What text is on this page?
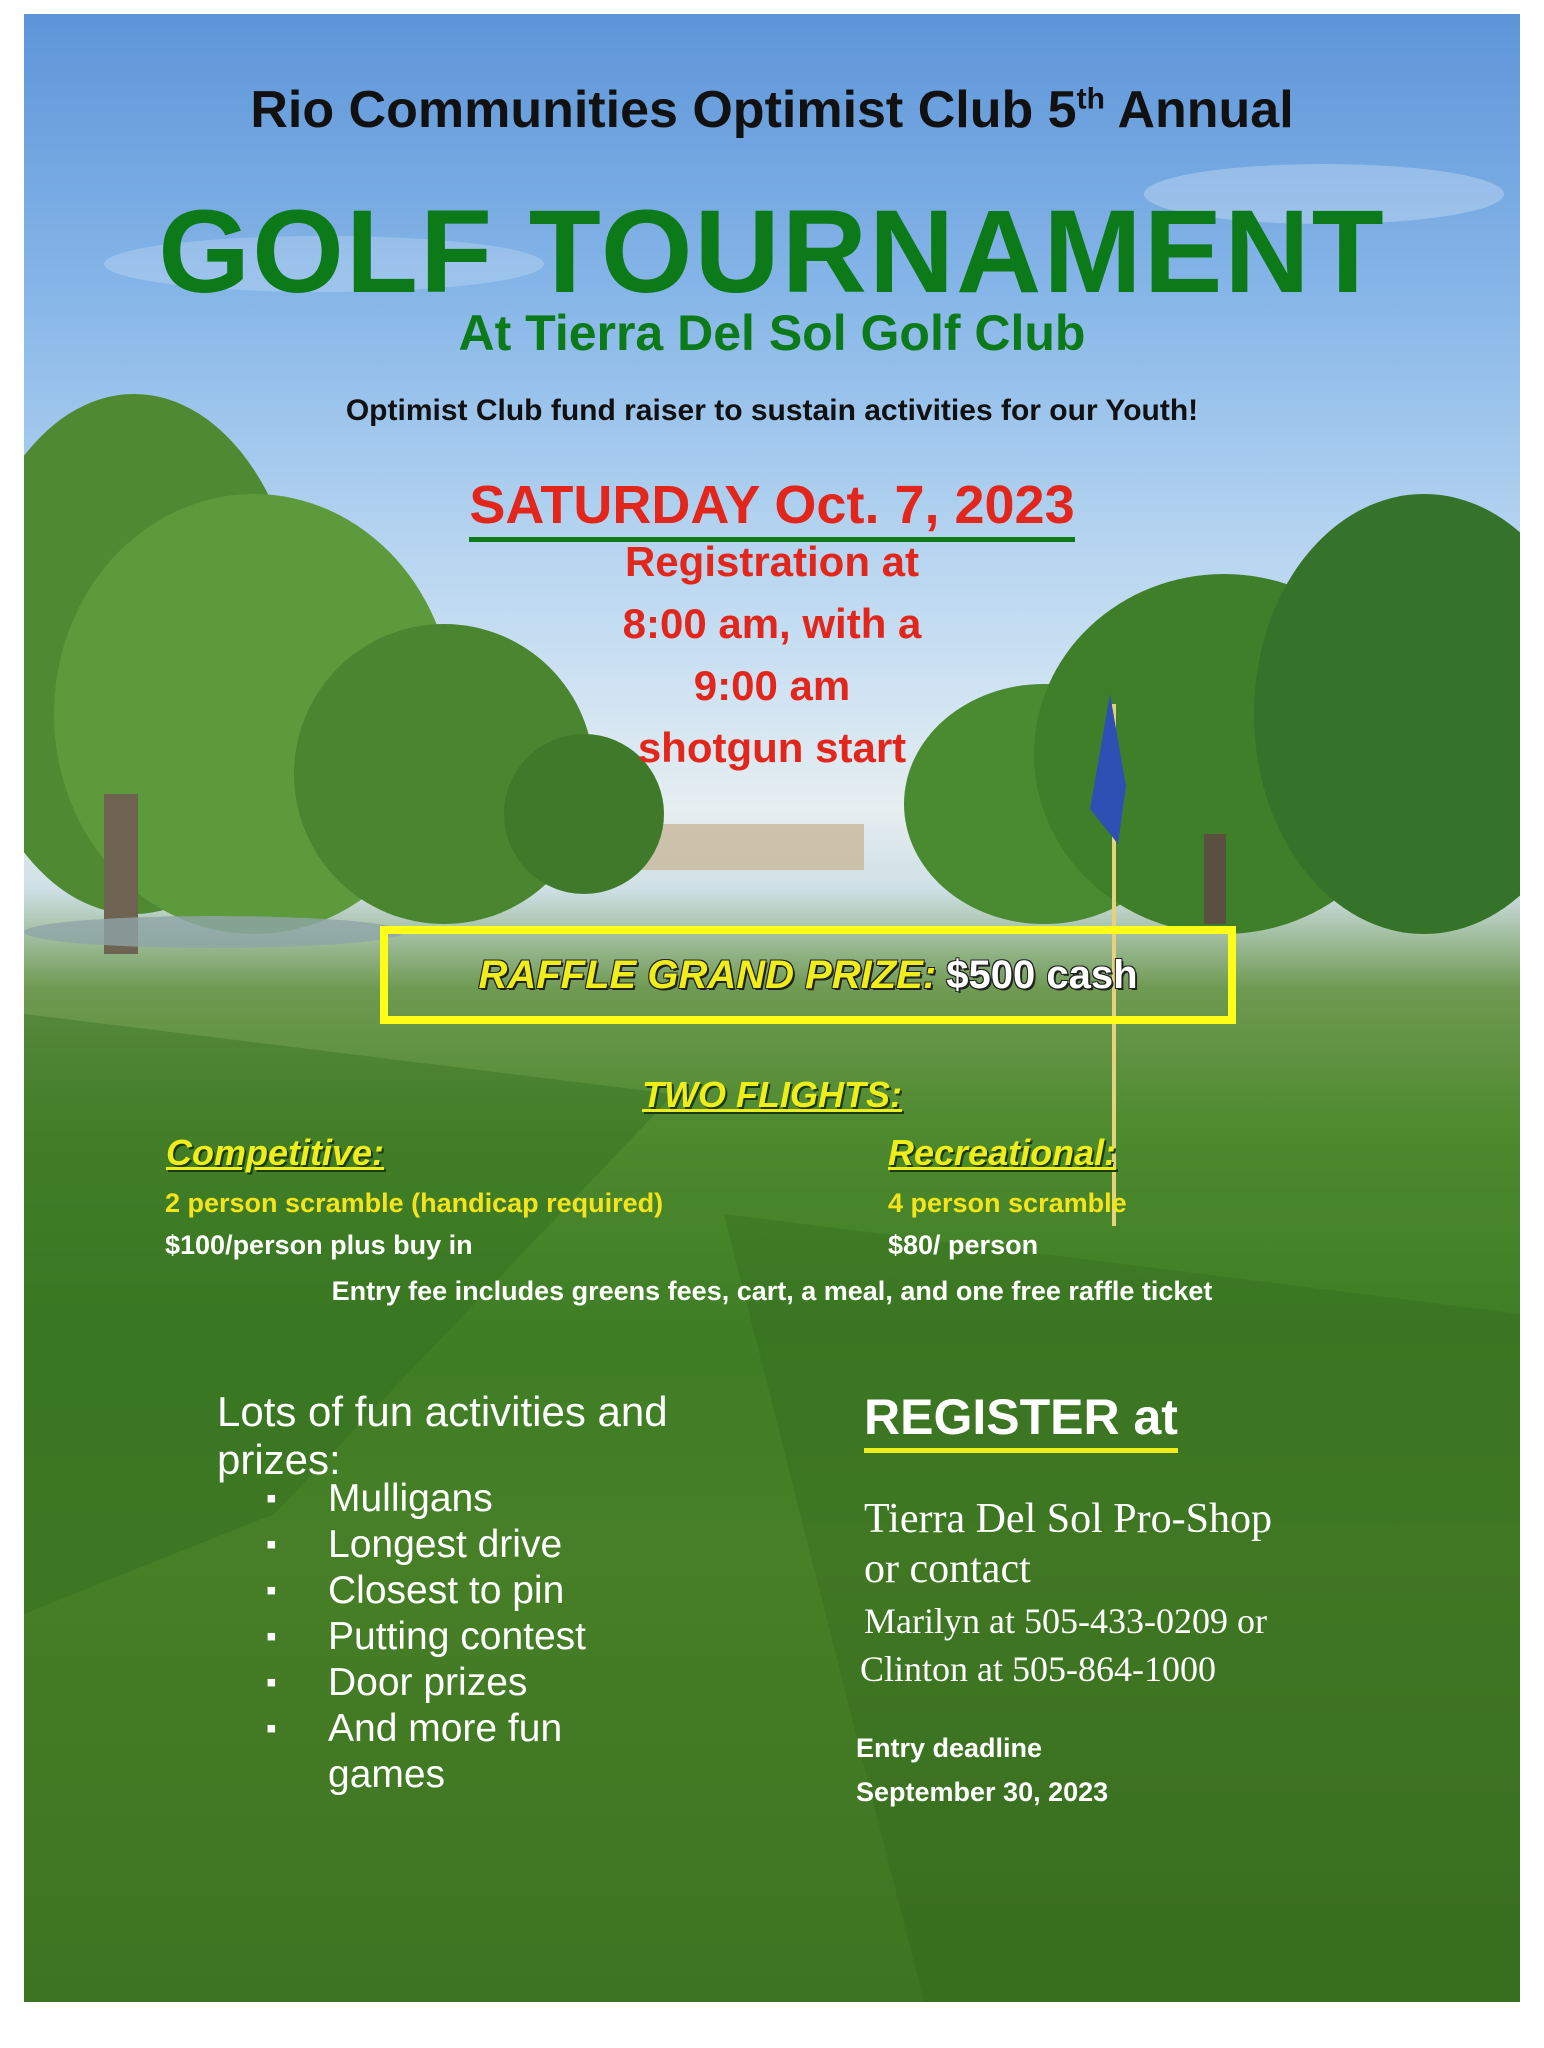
Rio Communities Optimist Club 5th Annual

GOLF TOURNAMENT

At Tierra Del Sol Golf Club

Optimist Club fund raiser to sustain activities for our Youth!

SATURDAY Oct. 7, 2023

Registration at

8:00 am, with a

9:00 am

shotgun start

RAFFLE GRAND PRIZE: $500 cash

TWO FLIGHTS:

Competitive:

2 person scramble (handicap required)

$100/person plus buy in

Recreational:

4 person scramble

$80/ person

Entry fee includes greens fees, cart, a meal, and one free raffle ticket

Lots of fun activities and prizes:

▪ Mulligans
▪ Longest drive
▪ Closest to pin
▪ Putting contest
▪ Door prizes
▪ And more fun games

REGISTER at

Tierra Del Sol Pro-Shop

or contact

Marilyn at 505-433-0209 or

Clinton at 505-864-1000

Entry deadline
September 30, 2023
